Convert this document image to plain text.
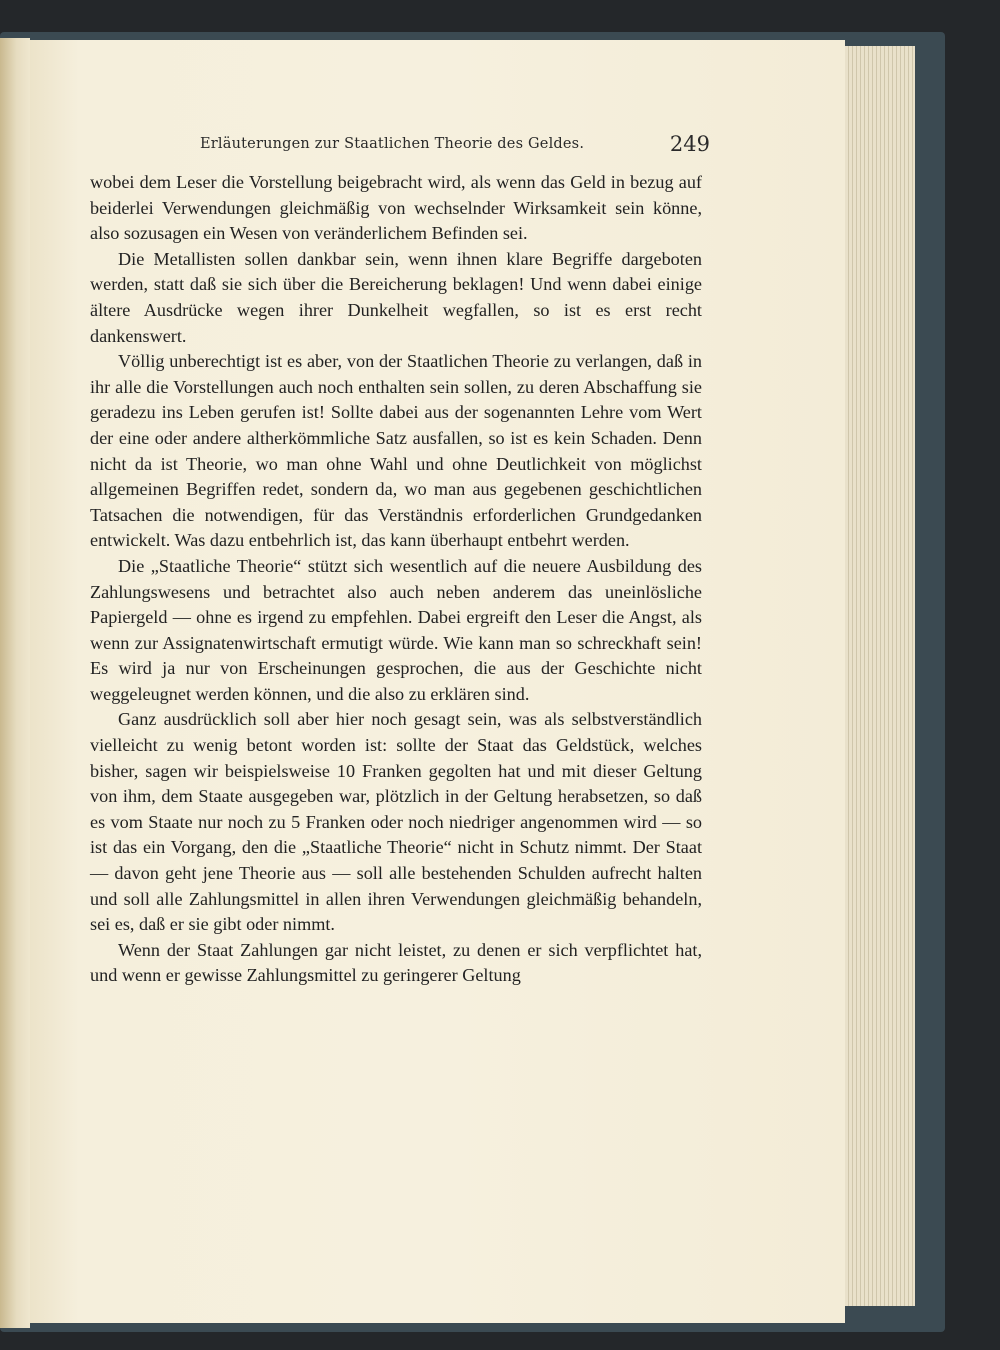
Erläuterungen zur Staatlichen Theorie des Geldes.	249

wobei dem Leser die Vorstellung beigebracht wird, als wenn das Geld in bezug auf beiderlei Verwendungen gleichmäßig von wechselnder Wirksamkeit sein könne, also sozusagen ein Wesen von veränderlichem Befinden sei.

Die Metallisten sollen dankbar sein, wenn ihnen klare Begriffe dargeboten werden, statt daß sie sich über die Bereicherung beklagen! Und wenn dabei einige ältere Ausdrücke wegen ihrer Dunkelheit wegfallen, so ist es erst recht dankenswert.

Völlig unberechtigt ist es aber, von der Staatlichen Theorie zu verlangen, daß in ihr alle die Vorstellungen auch noch enthalten sein sollen, zu deren Abschaffung sie geradezu ins Leben gerufen ist! Sollte dabei aus der sogenannten Lehre vom Wert der eine oder andere altherkömmliche Satz ausfallen, so ist es kein Schaden. Denn nicht da ist Theorie, wo man ohne Wahl und ohne Deutlichkeit von möglichst allgemeinen Begriffen redet, sondern da, wo man aus gegebenen geschichtlichen Tatsachen die notwendigen, für das Verständnis erforderlichen Grundgedanken entwickelt. Was dazu entbehrlich ist, das kann überhaupt entbehrt werden.

Die „Staatliche Theorie“ stützt sich wesentlich auf die neuere Ausbildung des Zahlungswesens und betrachtet also auch neben anderem das uneinlösliche Papiergeld — ohne es irgend zu empfehlen. Dabei ergreift den Leser die Angst, als wenn zur Assignatenwirtschaft ermutigt würde. Wie kann man so schreckhaft sein! Es wird ja nur von Erscheinungen gesprochen, die aus der Geschichte nicht weggeleugnet werden können, und die also zu erklären sind.

Ganz ausdrücklich soll aber hier noch gesagt sein, was als selbstverständlich vielleicht zu wenig betont worden ist: sollte der Staat das Geldstück, welches bisher, sagen wir beispielsweise 10 Franken gegolten hat und mit dieser Geltung von ihm, dem Staate ausgegeben war, plötzlich in der Geltung herabsetzen, so daß es vom Staate nur noch zu 5 Franken oder noch niedriger angenommen wird — so ist das ein Vorgang, den die „Staatliche Theorie“ nicht in Schutz nimmt. Der Staat — davon geht jene Theorie aus — soll alle bestehenden Schulden aufrecht halten und soll alle Zahlungsmittel in allen ihren Verwendungen gleichmäßig behandeln, sei es, daß er sie gibt oder nimmt.

Wenn der Staat Zahlungen gar nicht leistet, zu denen er sich verpflichtet hat, und wenn er gewisse Zahlungsmittel zu geringerer Geltung
